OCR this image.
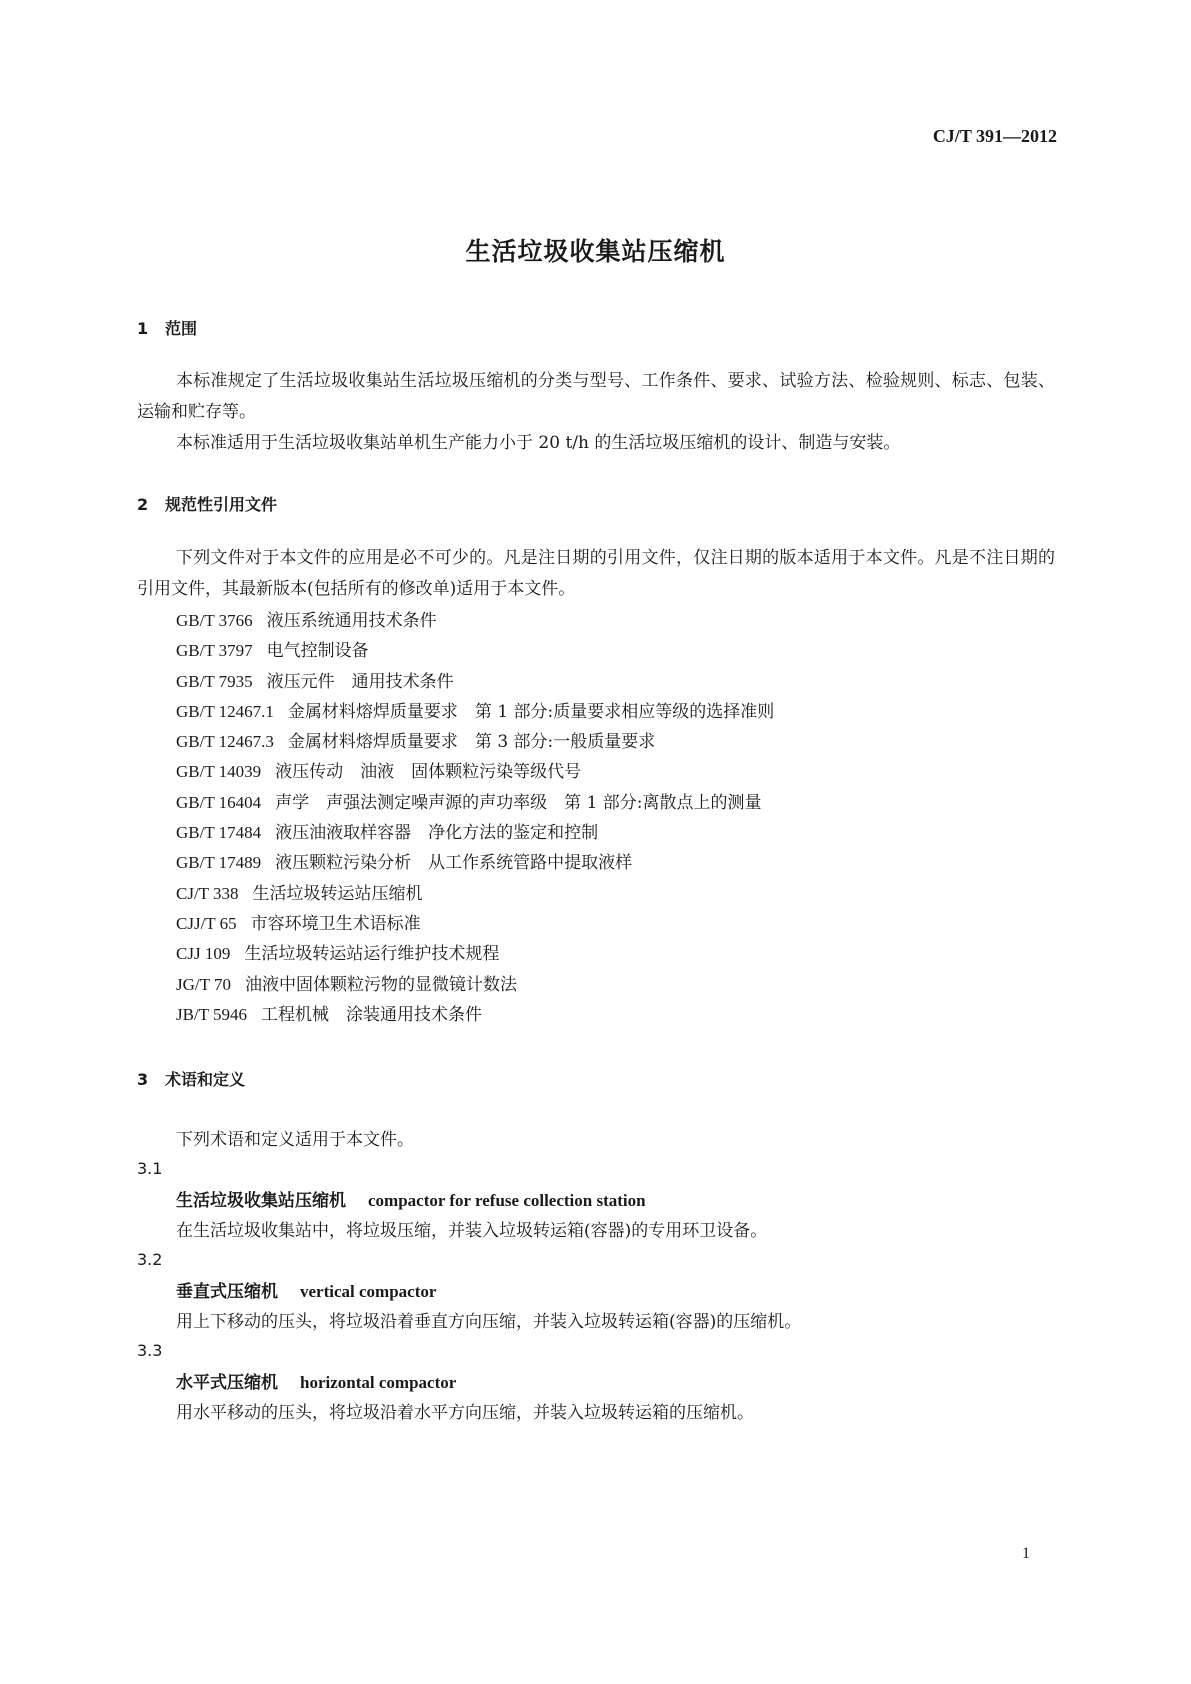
CJ/T 391—2012
生活垃圾收集站压缩机
1 范围
本标准规定了生活垃圾收集站生活垃圾压缩机的分类与型号、工作条件、要求、试验方法、检验规则、标志、包装、运输和贮存等。
本标准适用于生活垃圾收集站单机生产能力小于 20 t/h 的生活垃圾压缩机的设计、制造与安装。
2 规范性引用文件
下列文件对于本文件的应用是必不可少的。凡是注日期的引用文件，仅注日期的版本适用于本文件。凡是不注日期的引用文件，其最新版本(包括所有的修改单)适用于本文件。
GB/T 3766 液压系统通用技术条件
GB/T 3797 电气控制设备
GB/T 7935 液压元件　通用技术条件
GB/T 12467.1 金属材料熔焊质量要求　第 1 部分:质量要求相应等级的选择准则
GB/T 12467.3 金属材料熔焊质量要求　第 3 部分:一般质量要求
GB/T 14039 液压传动　油液　固体颗粒污染等级代号
GB/T 16404 声学　声强法测定噪声源的声功率级　第 1 部分:离散点上的测量
GB/T 17484 液压油液取样容器　净化方法的鉴定和控制
GB/T 17489 液压颗粒污染分析　从工作系统管路中提取液样
CJ/T 338 生活垃圾转运站压缩机
CJJ/T 65 市容环境卫生术语标准
CJJ 109 生活垃圾转运站运行维护技术规程
JG/T 70 油液中固体颗粒污物的显微镜计数法
JB/T 5946 工程机械　涂装通用技术条件
3 术语和定义
下列术语和定义适用于本文件。
3.1
生活垃圾收集站压缩机 compactor for refuse collection station
在生活垃圾收集站中，将垃圾压缩，并装入垃圾转运箱(容器)的专用环卫设备。
3.2
垂直式压缩机 vertical compactor
用上下移动的压头，将垃圾沿着垂直方向压缩，并装入垃圾转运箱(容器)的压缩机。
3.3
水平式压缩机 horizontal compactor
用水平移动的压头，将垃圾沿着水平方向压缩，并装入垃圾转运箱的压缩机。
1
